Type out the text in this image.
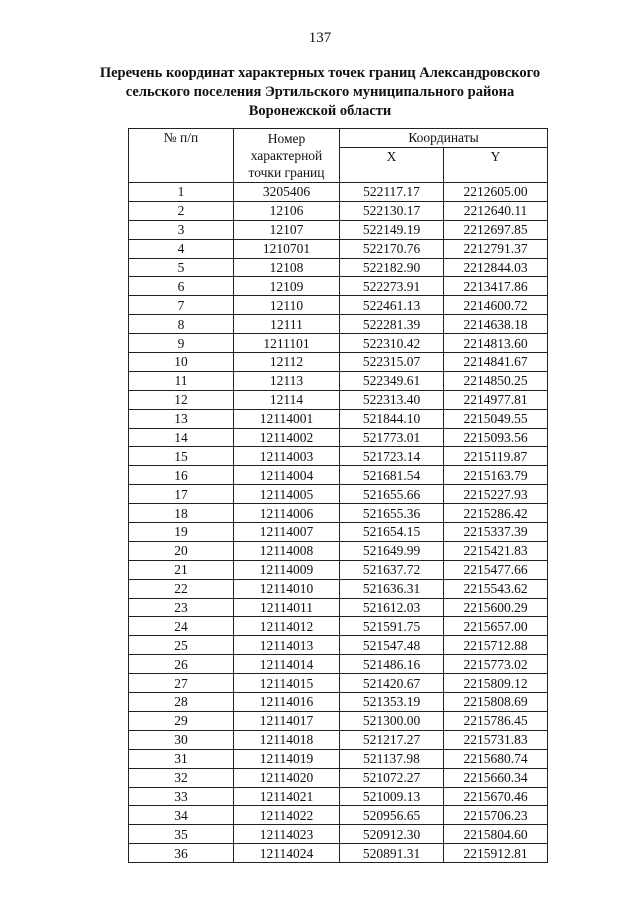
137
Перечень координат характерных точек границ Александровского
сельского поселения Эртильского муниципального района
Воронежской области
№ п/п	Номер характерной точки границ	Координаты	
		X	Y
1	3205406	522117.17	2212605.00
2	12106	522130.17	2212640.11
3	12107	522149.19	2212697.85
4	1210701	522170.76	2212791.37
5	12108	522182.90	2212844.03
6	12109	522273.91	2213417.86
7	12110	522461.13	2214600.72
8	12111	522281.39	2214638.18
9	1211101	522310.42	2214813.60
10	12112	522315.07	2214841.67
11	12113	522349.61	2214850.25
12	12114	522313.40	2214977.81
13	12114001	521844.10	2215049.55
14	12114002	521773.01	2215093.56
15	12114003	521723.14	2215119.87
16	12114004	521681.54	2215163.79
17	12114005	521655.66	2215227.93
18	12114006	521655.36	2215286.42
19	12114007	521654.15	2215337.39
20	12114008	521649.99	2215421.83
21	12114009	521637.72	2215477.66
22	12114010	521636.31	2215543.62
23	12114011	521612.03	2215600.29
24	12114012	521591.75	2215657.00
25	12114013	521547.48	2215712.88
26	12114014	521486.16	2215773.02
27	12114015	521420.67	2215809.12
28	12114016	521353.19	2215808.69
29	12114017	521300.00	2215786.45
30	12114018	521217.27	2215731.83
31	12114019	521137.98	2215680.74
32	12114020	521072.27	2215660.34
33	12114021	521009.13	2215670.46
34	12114022	520956.65	2215706.23
35	12114023	520912.30	2215804.60
36	12114024	520891.31	2215912.81
